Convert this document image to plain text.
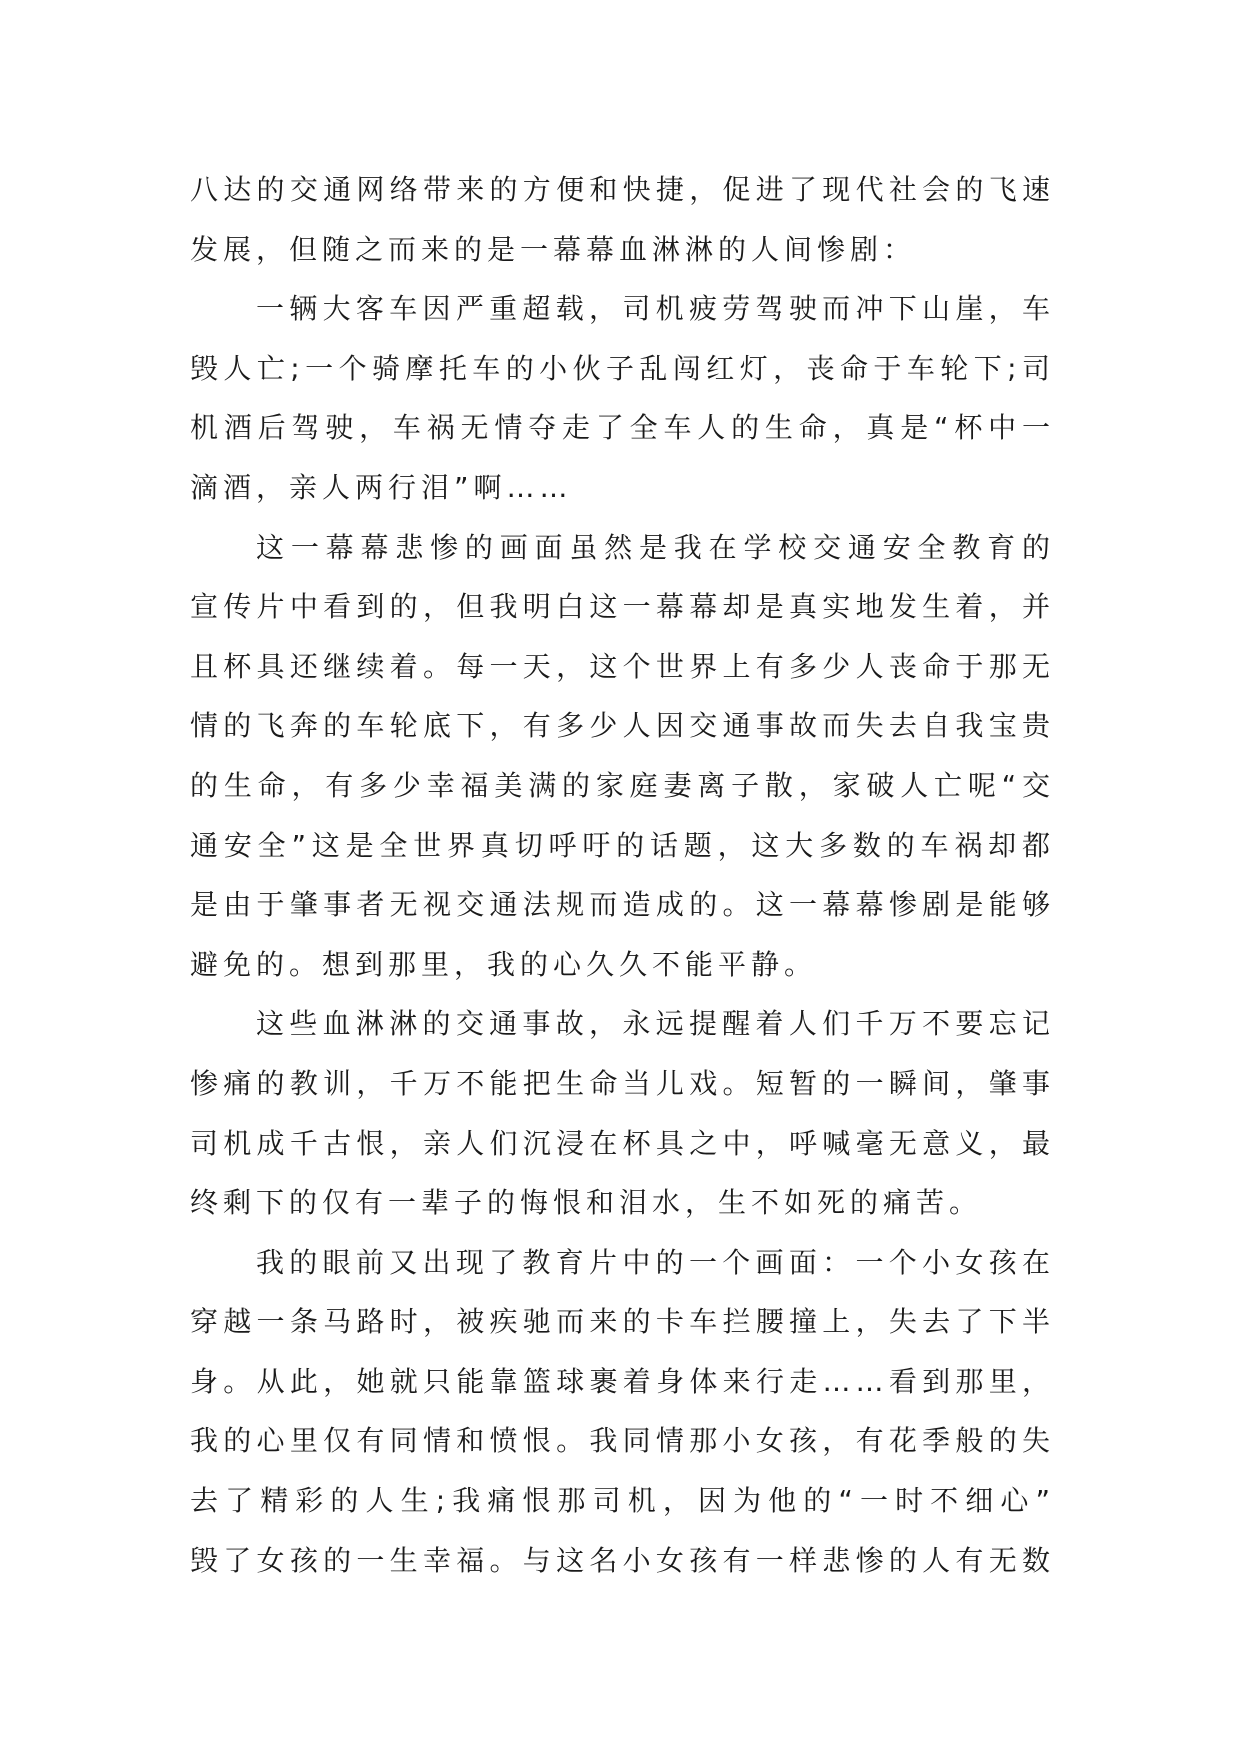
八达的交通网络带来的方便和快捷，促进了现代社会的飞速
发展，但随之而来的是一幕幕血淋淋的人间惨剧：
一辆大客车因严重超载，司机疲劳驾驶而冲下山崖，车
毁人亡;一个骑摩托车的小伙子乱闯红灯，丧命于车轮下;司
机酒后驾驶，车祸无情夺走了全车人的生命，真是“杯中一
滴酒，亲人两行泪”啊……
这一幕幕悲惨的画面虽然是我在学校交通安全教育的
宣传片中看到的，但我明白这一幕幕却是真实地发生着，并
且杯具还继续着。每一天，这个世界上有多少人丧命于那无
情的飞奔的车轮底下，有多少人因交通事故而失去自我宝贵
的生命，有多少幸福美满的家庭妻离子散，家破人亡呢“交
通安全”这是全世界真切呼吁的话题，这大多数的车祸却都
是由于肇事者无视交通法规而造成的。这一幕幕惨剧是能够
避免的。想到那里，我的心久久不能平静。
这些血淋淋的交通事故，永远提醒着人们千万不要忘记
惨痛的教训，千万不能把生命当儿戏。短暂的一瞬间，肇事
司机成千古恨，亲人们沉浸在杯具之中，呼喊毫无意义，最
终剩下的仅有一辈子的悔恨和泪水，生不如死的痛苦。
我的眼前又出现了教育片中的一个画面：一个小女孩在
穿越一条马路时，被疾驰而来的卡车拦腰撞上，失去了下半
身。从此，她就只能靠篮球裹着身体来行走……看到那里，
我的心里仅有同情和愤恨。我同情那小女孩，有花季般的失
去了精彩的人生;我痛恨那司机，因为他的“一时不细心”
毁了女孩的一生幸福。与这名小女孩有一样悲惨的人有无数
